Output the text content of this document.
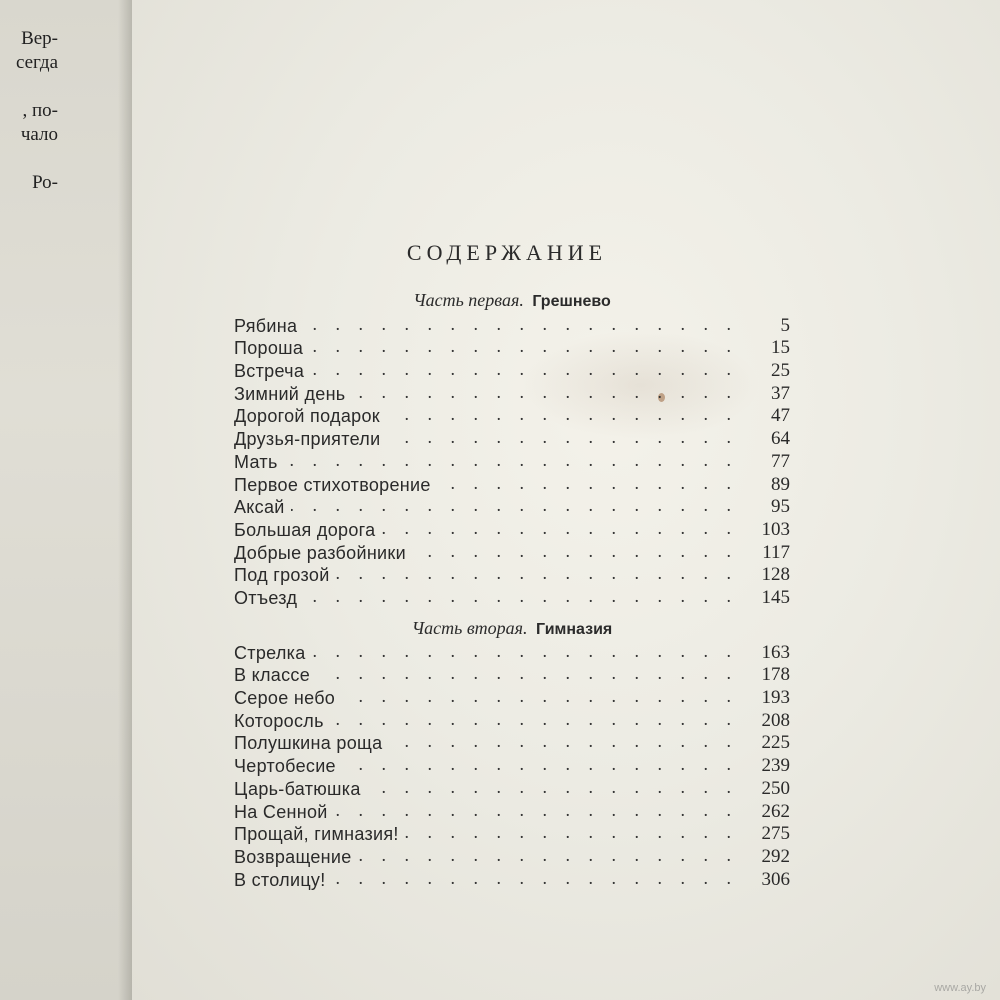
Вер-
сегда
, по-
чало
Ро-
СОДЕРЖАНИЕ
Часть первая. Грешнево
Рябина . . .	5
Пороша . . .	15
Встреча . . .	25
Зимний день . . .	37
Дорогой подарок . . .	47
Друзья-приятели . . .	64
Мать . . .	77
Первое стихотворение . . .	89
Аксай . . .	95
Большая дорога . . .	103
Добрые разбойники . . .	117
Под грозой . . .	128
Отъезд . . .	145
Часть вторая. Гимназия
Стрелка . . .	163
В классе . . .	178
Серое небо . . .	193
Которосль . . .	208
Полушкина роща . . .	225
Чертобесие . . .	239
Царь-батюшка . . .	250
На Сенной . . .	262
Прощай, гимназия! . . .	275
Возвращение . . .	292
В столицу! . . .	306
www.ay.by
